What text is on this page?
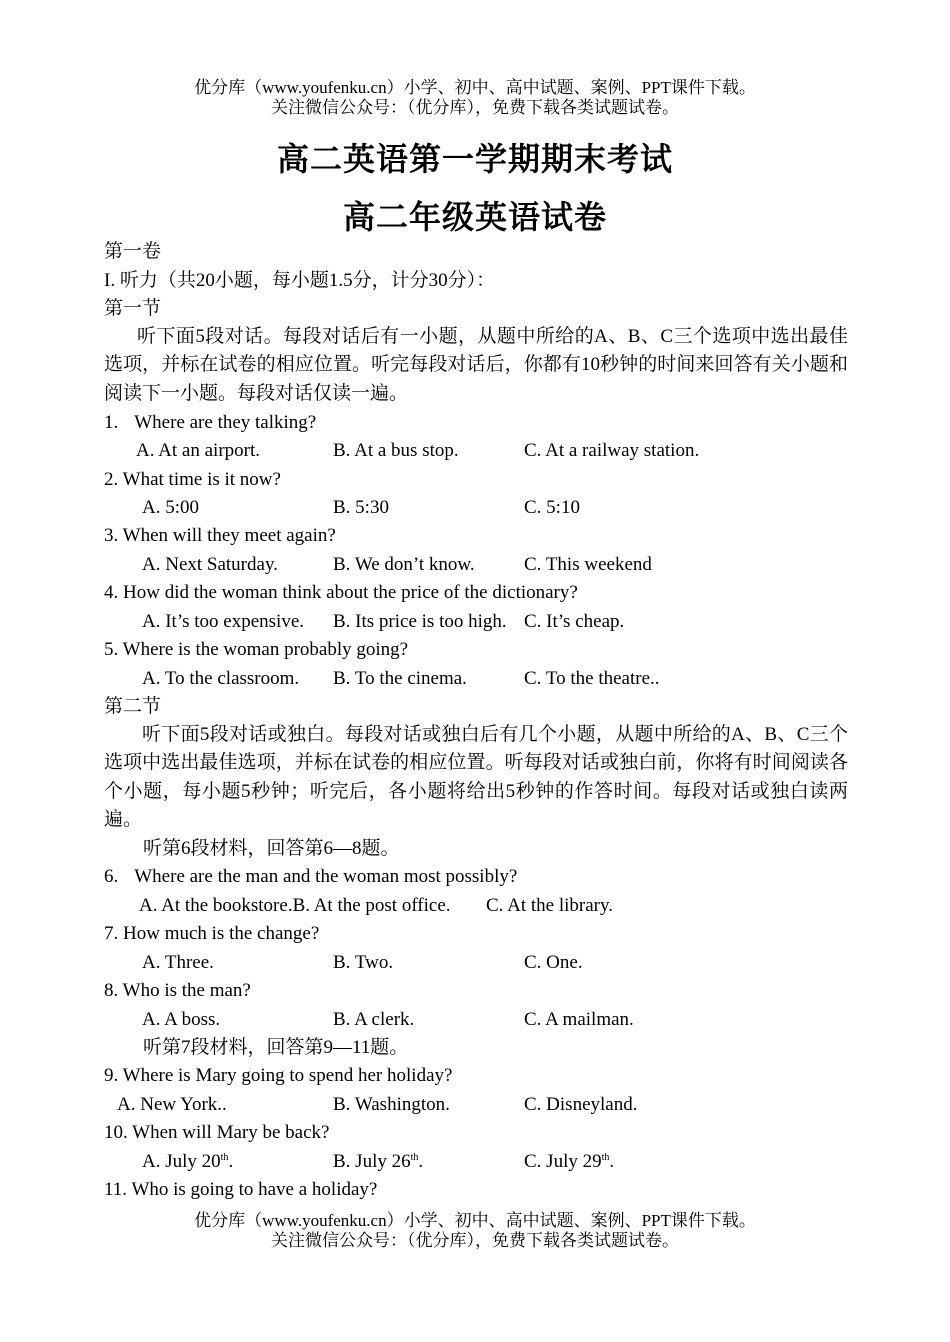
优分库（www.youfenku.cn）小学、初中、高中试题、案例、PPT课件下载。
关注微信公众号：（优分库），免费下载各类试题试卷。
高二英语第一学期期末考试
高二年级英语试卷
第一卷
I. 听力（共20小题，每小题1.5分，计分30分）：
第一节
听下面5段对话。每段对话后有一小题，从题中所给的A、B、C三个选项中选出最佳选项，并标在试卷的相应位置。听完每段对话后，你都有10秒钟的时间来回答有关小题和阅读下一小题。每段对话仅读一遍。
1. Where are they talking?
A. At an airport.	B. At a bus stop.	C. At a railway station.
2. What time is it now?
A. 5:00	B. 5:30	C. 5:10
3. When will they meet again?
A. Next Saturday.	B. We don’t know.	C. This weekend
4. How did the woman think about the price of the dictionary?
A. It’s too expensive. B. Its price is too high. C. It’s cheap.
5. Where is the woman probably going?
A. To the classroom. B. To the cinema.	C. To the theatre..
第二节
听下面5段对话或独白。每段对话或独白后有几个小题，从题中所给的A、B、C三个选项中选出最佳选项，并标在试卷的相应位置。听每段对话或独白前，你将有时间阅读各个小题，每小题5秒钟；听完后，各小题将给出5秒钟的作答时间。每段对话或独白读两遍。
听第6段材料，回答第6—8题。
6. Where are the man and the woman most possibly?
A. At the bookstore.B. At the post office. C. At the library.
7. How much is the change?
A. Three.	B. Two.	C. One.
8. Who is the man?
A. A boss.	B. A clerk.	C. A mailman.
听第7段材料，回答第9—11题。
9. Where is Mary going to spend her holiday?
A. New York..	B. Washington.	C. Disneyland.
10. When will Mary be back?
A. July 20th.	B. July 26th.	C. July 29th.
11. Who is going to have a holiday?
优分库（www.youfenku.cn）小学、初中、高中试题、案例、PPT课件下载。
关注微信公众号：（优分库），免费下载各类试题试卷。
